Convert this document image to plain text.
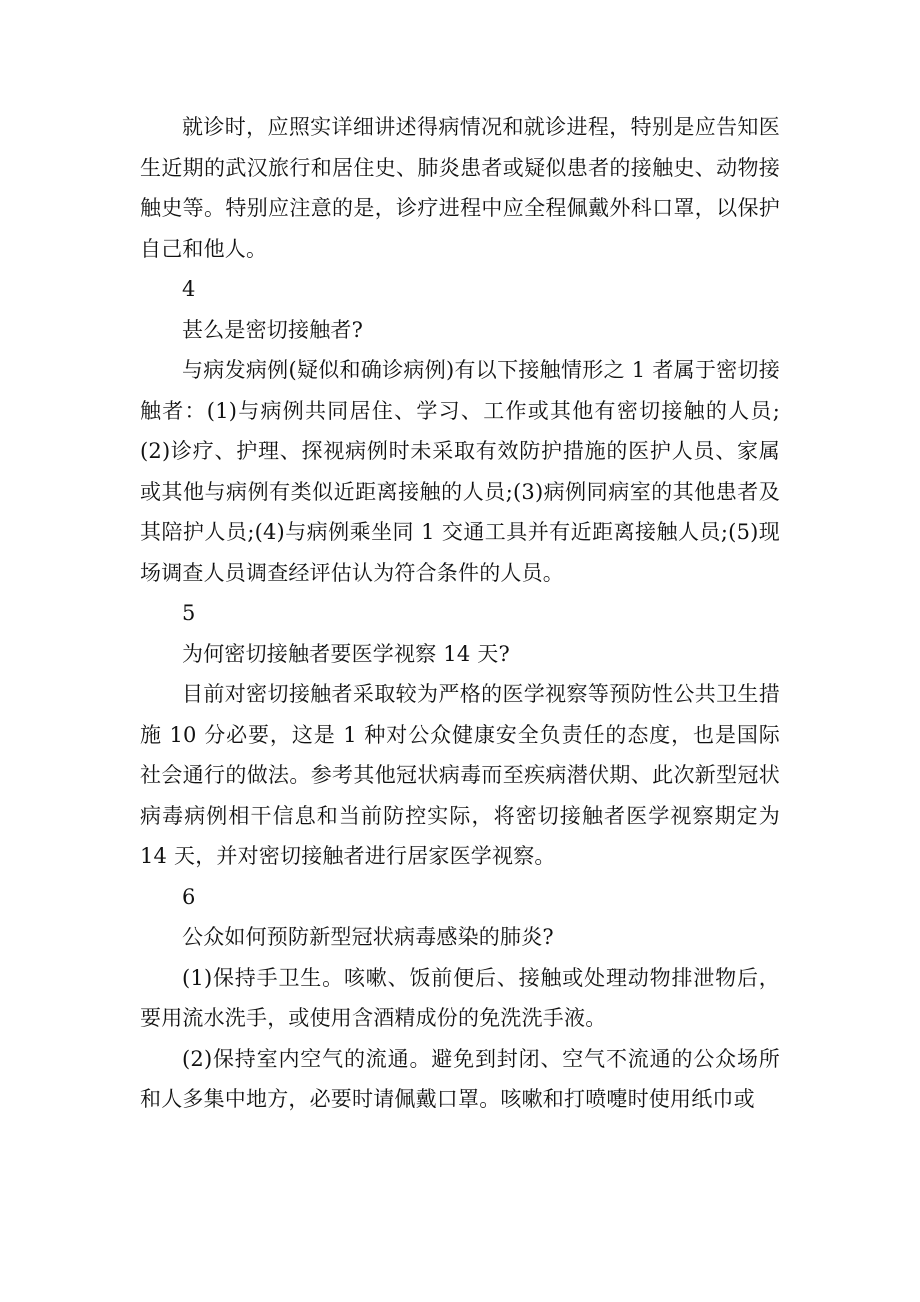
就诊时，应照实详细讲述得病情况和就诊进程，特别是应告知医生近期的武汉旅行和居住史、肺炎患者或疑似患者的接触史、动物接触史等。特别应注意的是，诊疗进程中应全程佩戴外科口罩，以保护自己和他人。

4

甚么是密切接触者?

与病发病例(疑似和确诊病例)有以下接触情形之 1 者属于密切接触者：(1)与病例共同居住、学习、工作或其他有密切接触的人员;(2)诊疗、护理、探视病例时未采取有效防护措施的医护人员、家属或其他与病例有类似近距离接触的人员;(3)病例同病室的其他患者及其陪护人员;(4)与病例乘坐同 1 交通工具并有近距离接触人员;(5)现场调查人员调查经评估认为符合条件的人员。

5

为何密切接触者要医学视察 14 天?

目前对密切接触者采取较为严格的医学视察等预防性公共卫生措施 10 分必要，这是 1 种对公众健康安全负责任的态度，也是国际社会通行的做法。参考其他冠状病毒而至疾病潜伏期、此次新型冠状病毒病例相干信息和当前防控实际，将密切接触者医学视察期定为 14 天，并对密切接触者进行居家医学视察。

6

公众如何预防新型冠状病毒感染的肺炎?

(1)保持手卫生。咳嗽、饭前便后、接触或处理动物排泄物后，要用流水洗手，或使用含酒精成份的免洗洗手液。

(2)保持室内空气的流通。避免到封闭、空气不流通的公众场所和人多集中地方，必要时请佩戴口罩。咳嗽和打喷嚏时使用纸巾或
